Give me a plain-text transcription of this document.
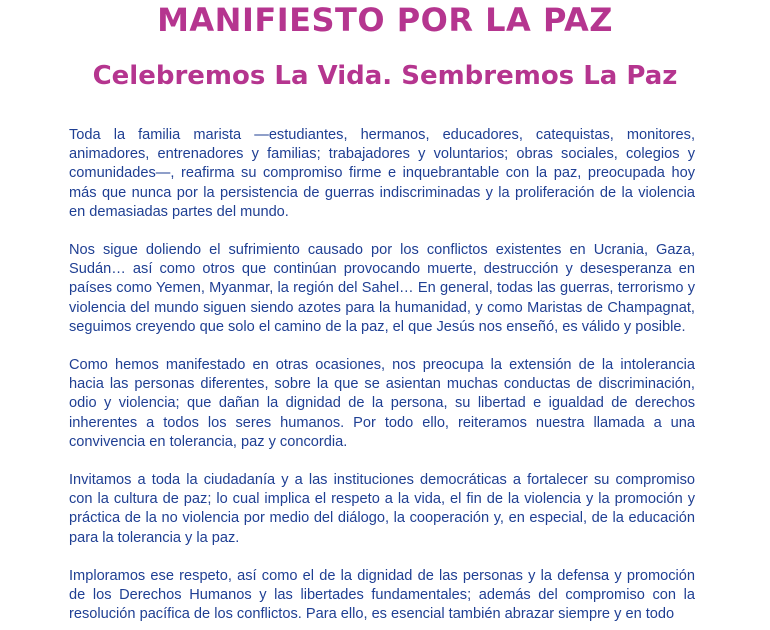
MANIFIESTO POR LA PAZ
Celebremos La Vida. Sembremos La Paz

Toda la familia marista —estudiantes, hermanos, educadores, catequistas, monitores, animadores, entrenadores y familias; trabajadores y voluntarios; obras sociales, colegios y comunidades—, reafirma su compromiso firme e inquebrantable con la paz, preocupada hoy más que nunca por la persistencia de guerras indiscriminadas y la proliferación de la violencia en demasiadas partes del mundo.

Nos sigue doliendo el sufrimiento causado por los conflictos existentes en Ucrania, Gaza, Sudán… así como otros que continúan provocando muerte, destrucción y desesperanza en países como Yemen, Myanmar, la región del Sahel… En general, todas las guerras, terrorismo y violencia del mundo siguen siendo azotes para la humanidad, y como Maristas de Champagnat, seguimos creyendo que solo el camino de la paz, el que Jesús nos enseñó, es válido y posible.

Como hemos manifestado en otras ocasiones, nos preocupa la extensión de la intolerancia hacia las personas diferentes, sobre la que se asientan muchas conductas de discriminación, odio y violencia; que dañan la dignidad de la persona, su libertad e igualdad de derechos inherentes a todos los seres humanos. Por todo ello, reiteramos nuestra llamada a una convivencia en tolerancia, paz y concordia.

Invitamos a toda la ciudadanía y a las instituciones democráticas a fortalecer su compromiso con la cultura de paz; lo cual implica el respeto a la vida, el fin de la violencia y la promoción y práctica de la no violencia por medio del diálogo, la cooperación y, en especial, de la educación para la tolerancia y la paz.

Imploramos ese respeto, así como el de la dignidad de las personas y la defensa y promoción de los Derechos Humanos y las libertades fundamentales; además del compromiso con la resolución pacífica de los conflictos. Para ello, es esencial también abrazar siempre y en todo
